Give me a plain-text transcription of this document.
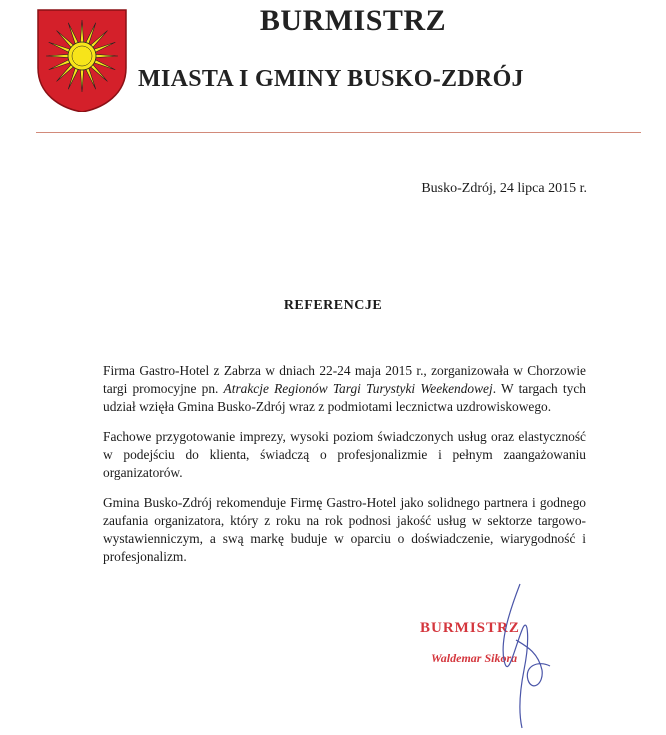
BURMISTRZ
MIASTA I GMINY BUSKO-ZDRÓJ
Busko-Zdrój, 24 lipca 2015 r.
REFERENCJE

Firma Gastro-Hotel z Zabrza w dniach 22-24 maja 2015 r., zorganizowała w Chorzowie targi promocyjne pn. Atrakcje Regionów Targi Turystyki Weekendowej. W targach tych udział wzięła Gmina Busko-Zdrój wraz z podmiotami lecznictwa uzdrowiskowego.

Fachowe przygotowanie imprezy, wysoki poziom świadczonych usług oraz elastyczność w podejściu do klienta, świadczą o profesjonalizmie i pełnym zaangażowaniu organizatorów.

Gmina Busko-Zdrój rekomenduje Firmę Gastro-Hotel jako solidnego partnera i godnego zaufania organizatora, który z roku na rok podnosi jakość usług w sektorze targowo-wystawienniczym, a swą markę buduje w oparciu o doświadczenie, wiarygodność i profesjonalizm.

BURMISTRZ
Waldemar Sikora
